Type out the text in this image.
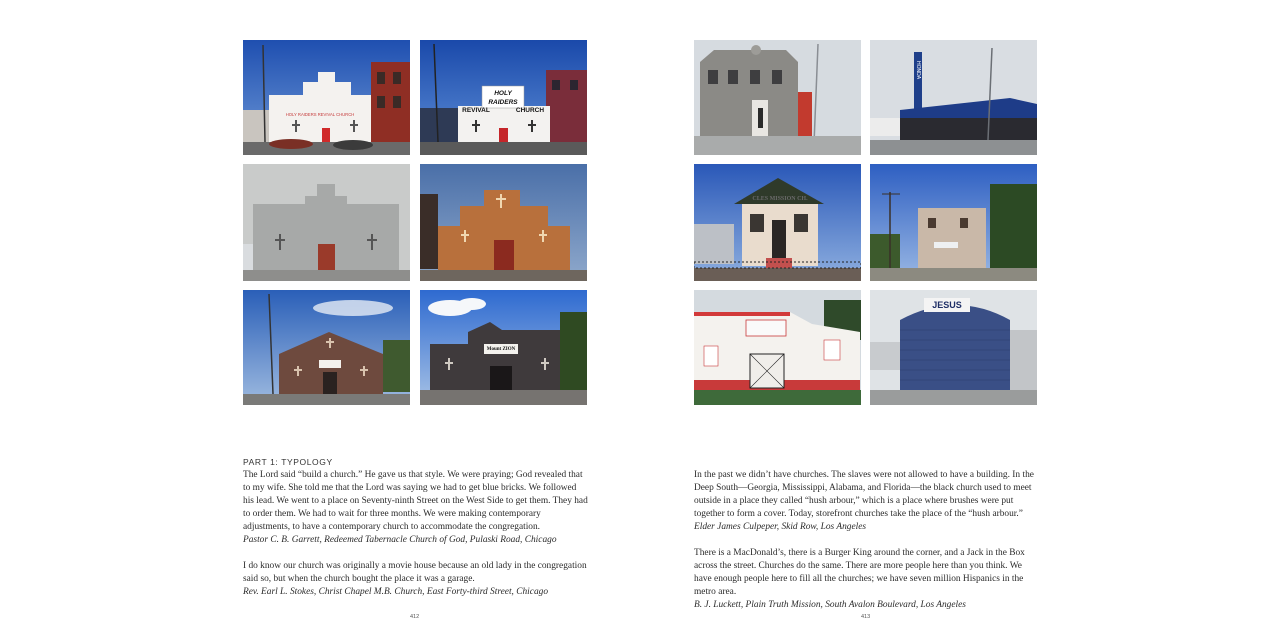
HOLY RAIDERS REVIVAL CHURCH
HOLY
RAIDERS
REVIVAL	CHURCH
Mount ZION
HONDA
CLES MISSION CH.
JESUS
PART 1: TYPOLOGY

The Lord said “build a church.” He gave us that style. We were praying; God revealed that to my wife. She told me that the Lord was saying we had to get blue bricks. We followed his lead. We went to a place on Seventy-ninth Street on the West Side to get them. They had to order them. We had to wait for three months. We were making contemporary adjustments, to have a contemporary church to accommodate the congregation.

Pastor C. B. Garrett, Redeemed Tabernacle Church of God, Pulaski Road, Chicago

I do know our church was originally a movie house because an old lady in the congregation said so, but when the church bought the place it was a garage.

Rev. Earl L. Stokes, Christ Chapel M.B. Church, East Forty-third Street, Chicago

412

In the past we didn’t have churches. The slaves were not allowed to have a building. In the Deep South—Georgia, Mississippi, Alabama, and Florida—the black church used to meet outside in a place they called “hush arbour,” which is a place where brushes were put together to form a cover. Today, storefront churches take the place of the “hush arbour.”

Elder James Culpeper, Skid Row, Los Angeles

There is a MacDonald’s, there is a Burger King around the corner, and a Jack in the Box across the street. Churches do the same. There are more people here than you think. We have enough people here to fill all the churches; we have seven million Hispanics in the metro area.

B. J. Luckett, Plain Truth Mission, South Avalon Boulevard, Los Angeles

413
